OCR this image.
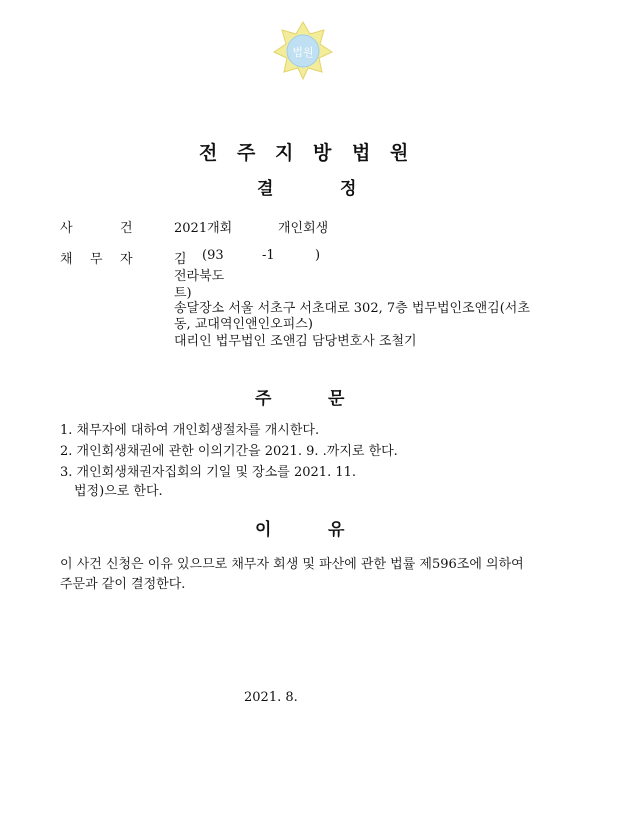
법원
전 주 지 방 법 원
결	정
사	건	2021개회	개인회생
채 무 자	김 (93	-1	)
전라북도
트)
송달장소 서울 서초구 서초대로 302, 7층 법무법인조앤김(서초
동, 교대역인앤인오피스)
대리인 법무법인 조앤김 담당변호사 조철기
주	문
1. 채무자에 대하여 개인회생절차를 개시한다.
2. 개인회생채권에 관한 이의기간을 2021. 9. .까지로 한다.
3. 개인회생채권자집회의 기일 및 장소를 2021. 11.
법정)으로 한다.
이	유
이 사건 신청은 이유 있으므로 채무자 회생 및 파산에 관한 법률 제596조에 의하여
주문과 같이 결정한다.
2021. 8.
